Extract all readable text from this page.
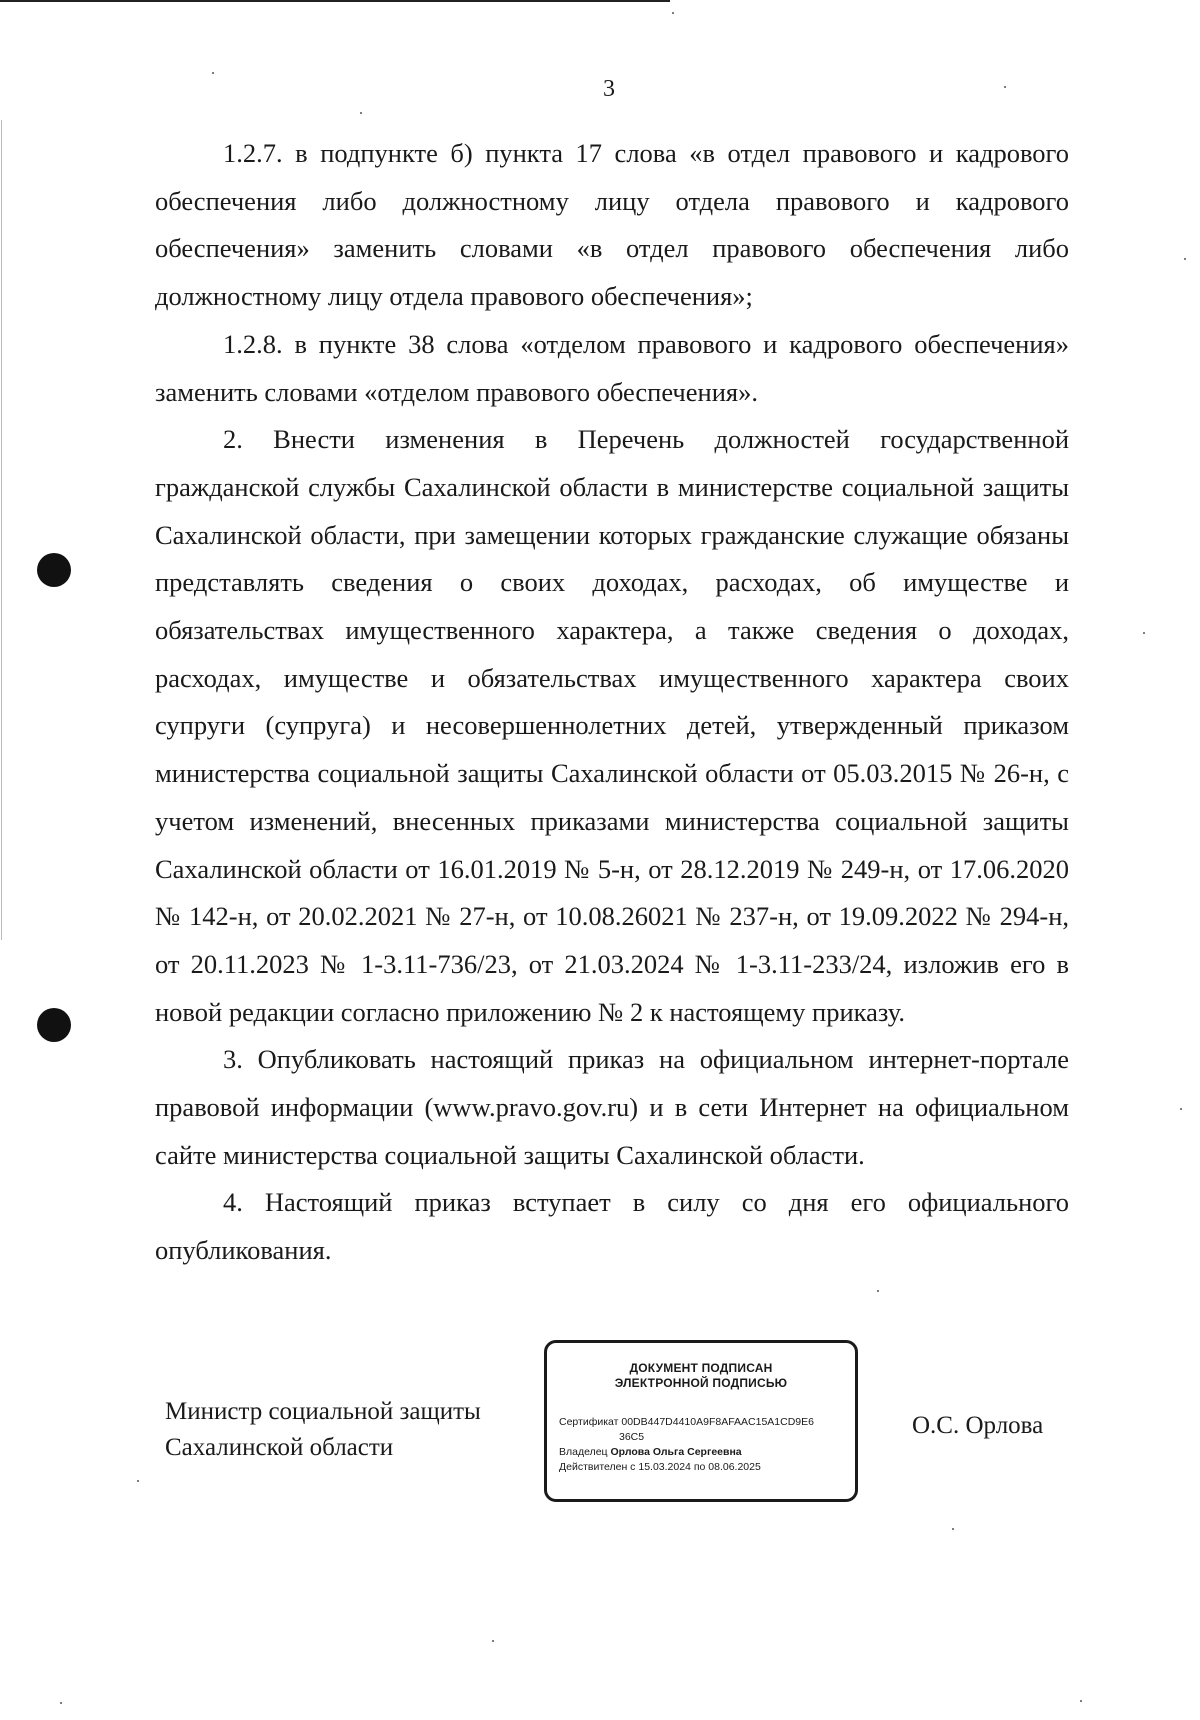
3

1.2.7. в подпункте б) пункта 17 слова «в отдел правового и кадрового обеспечения либо должностному лицу отдела правового и кадрового обеспечения» заменить словами «в отдел правового обеспечения либо должностному лицу отдела правового обеспечения»;

1.2.8. в пункте 38 слова «отделом правового и кадрового обеспечения» заменить словами «отделом правового обеспечения».

2. Внести изменения в Перечень должностей государственной гражданской службы Сахалинской области в министерстве социальной защиты Сахалинской области, при замещении которых гражданские служащие обязаны представлять сведения о своих доходах, расходах, об имуществе и обязательствах имущественного характера, а также сведения о доходах, расходах, имуществе и обязательствах имущественного характера своих супруги (супруга) и несовершеннолетних детей, утвержденный приказом министерства социальной защиты Сахалинской области от 05.03.2015 № 26-н, с учетом изменений, внесенных приказами министерства социальной защиты Сахалинской области от 16.01.2019 № 5-н, от 28.12.2019 № 249-н, от 17.06.2020 № 142-н, от 20.02.2021 № 27-н, от 10.08.26021 № 237-н, от 19.09.2022 № 294-н, от 20.11.2023 № 1-3.11-736/23, от 21.03.2024 № 1-3.11-233/24, изложив его в новой редакции согласно приложению № 2 к настоящему приказу.

3. Опубликовать настоящий приказ на официальном интернет-портале правовой информации (www.pravo.gov.ru) и в сети Интернет на официальном сайте министерства социальной защиты Сахалинской области.

4. Настоящий приказ вступает в силу со дня его официального опубликования.

Министр социальной защиты
Сахалинской области
ДОКУМЕНТ ПОДПИСАН
ЭЛЕКТРОННОЙ ПОДПИСЬЮ
Сертификат 00DB447D4410A9F8AFAAC15A1CD9E6
36C5
Владелец Орлова Ольга Сергеевна
Действителен с 15.03.2024 по 08.06.2025
О.С. Орлова
